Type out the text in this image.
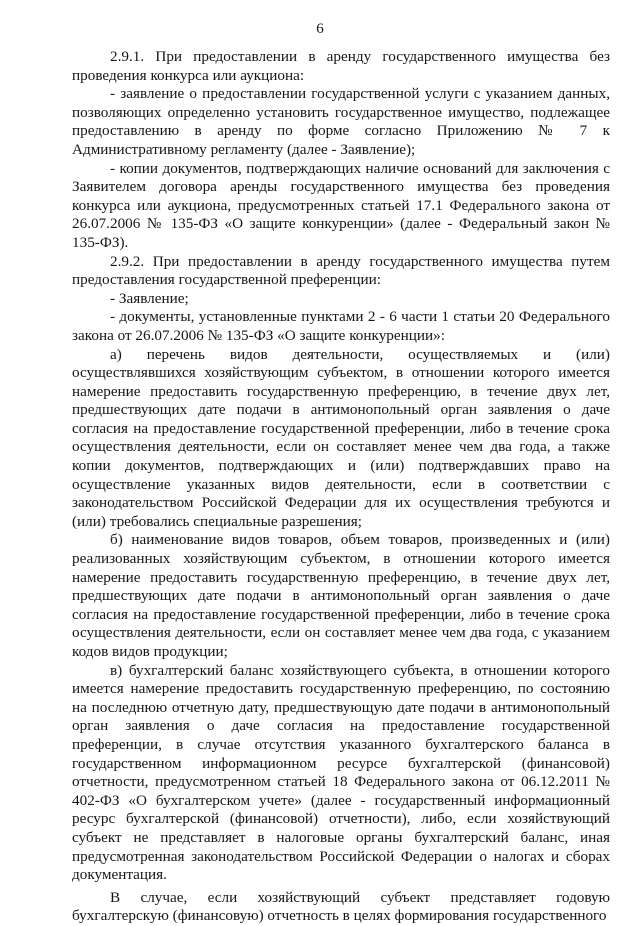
6

2.9.1. При предоставлении в аренду государственного имущества без проведения конкурса или аукциона:

- заявление о предоставлении государственной услуги с указанием данных, позволяющих определенно установить государственное имущество, подлежащее предоставлению в аренду по форме согласно Приложению № 7 к Административному регламенту (далее - Заявление);

- копии документов, подтверждающих наличие оснований для заключения с Заявителем договора аренды государственного имущества без проведения конкурса или аукциона, предусмотренных статьей 17.1 Федерального закона от 26.07.2006 № 135-ФЗ «О защите конкуренции» (далее - Федеральный закон № 135-ФЗ).

2.9.2. При предоставлении в аренду государственного имущества путем предоставления государственной преференции:

- Заявление;

- документы, установленные пунктами 2 - 6 части 1 статьи 20 Федерального закона от 26.07.2006 № 135-ФЗ «О защите конкуренции»:

а) перечень видов деятельности, осуществляемых и (или) осуществлявшихся хозяйствующим субъектом, в отношении которого имеется намерение предоставить государственную преференцию, в течение двух лет, предшествующих дате подачи в антимонопольный орган заявления о даче согласия на предоставление государственной преференции, либо в течение срока осуществления деятельности, если он составляет менее чем два года, а также копии документов, подтверждающих и (или) подтверждавших право на осуществление указанных видов деятельности, если в соответствии с законодательством Российской Федерации для их осуществления требуются и (или) требовались специальные разрешения;

б) наименование видов товаров, объем товаров, произведенных и (или) реализованных хозяйствующим субъектом, в отношении которого имеется намерение предоставить государственную преференцию, в течение двух лет, предшествующих дате подачи в антимонопольный орган заявления о даче согласия на предоставление государственной преференции, либо в течение срока осуществления деятельности, если он составляет менее чем два года, с указанием кодов видов продукции;

в) бухгалтерский баланс хозяйствующего субъекта, в отношении которого имеется намерение предоставить государственную преференцию, по состоянию на последнюю отчетную дату, предшествующую дате подачи в антимонопольный орган заявления о даче согласия на предоставление государственной преференции, в случае отсутствия указанного бухгалтерского баланса в государственном информационном ресурсе бухгалтерской (финансовой) отчетности, предусмотренном статьей 18 Федерального закона от 06.12.2011 № 402-ФЗ «О бухгалтерском учете» (далее - государственный информационный ресурс бухгалтерской (финансовой) отчетности), либо, если хозяйствующий субъект не представляет в налоговые органы бухгалтерский баланс, иная предусмотренная законодательством Российской Федерации о налогах и сборах документация.

В случае, если хозяйствующий субъект представляет годовую бухгалтерскую (финансовую) отчетность в целях формирования государственного
